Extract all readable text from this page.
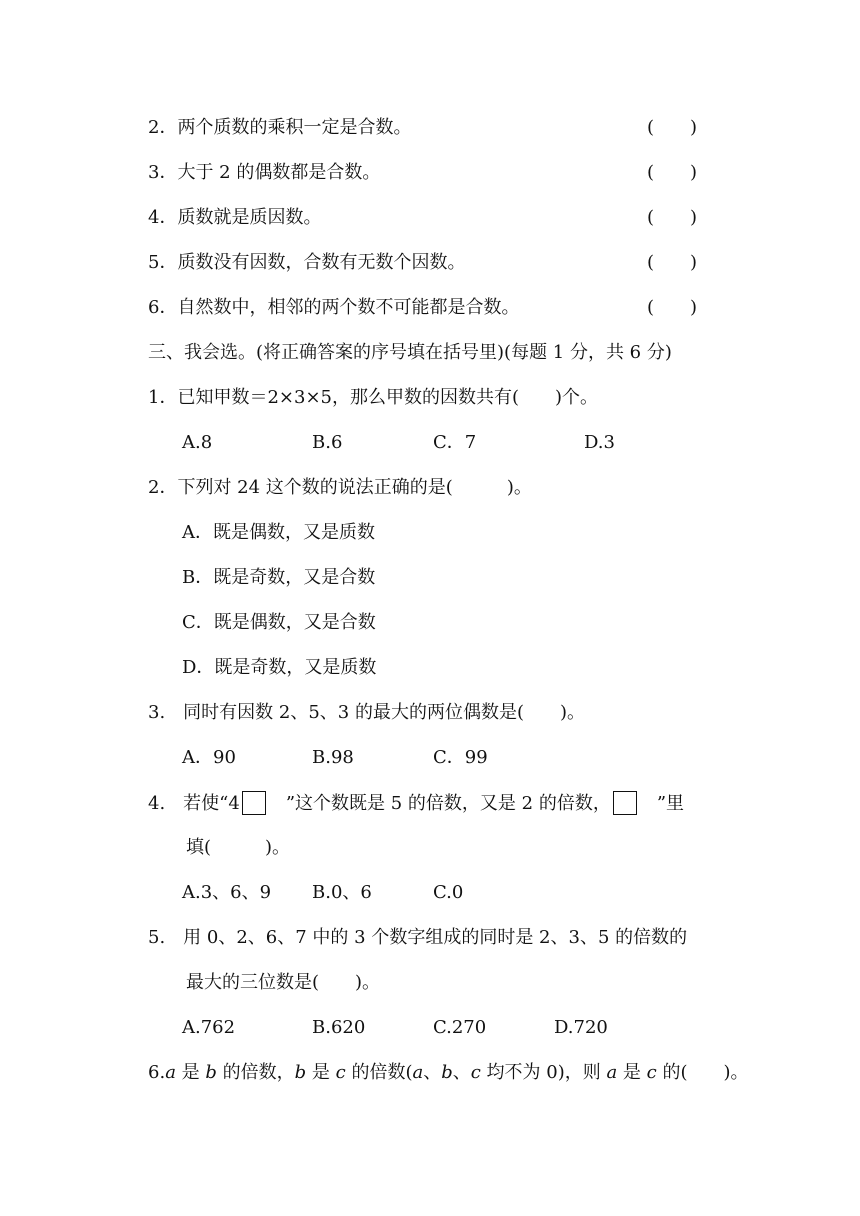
2．两个质数的乘积一定是合数。	(　　)
3．大于 2 的偶数都是合数。	(　　)
4．质数就是质因数。	(　　)
5．质数没有因数，合数有无数个因数。	(　　)
6．自然数中，相邻的两个数不可能都是合数。	(　　)
三、我会选。(将正确答案的序号填在括号里)(每题 1 分，共 6 分)
1．已知甲数＝2×3×5，那么甲数的因数共有(　　)个。
A.8	B.6	C．7	D.3
2．下列对 24 这个数的说法正确的是(　　　)。
A．既是偶数，又是质数
B．既是奇数，又是合数
C．既是偶数，又是合数
D．既是奇数，又是质数
3.　同时有因数 2、5、3 的最大的两位偶数是(　　)。
A．90	B.98	C．99
4.　若使“4　”这个数既是 5 的倍数，又是 2 的倍数，　”里
填(　　　)。
A.3、6、9 B.0、6	C.0
5.　用 0、2、6、7 中的 3 个数字组成的同时是 2、3、5 的倍数的
最大的三位数是(　　)。
A.762	B.620	C.270	D.720
6.a 是 b 的倍数，b 是 c 的倍数(a、b、c 均不为 0)，则 a 是 c 的(　　)。
